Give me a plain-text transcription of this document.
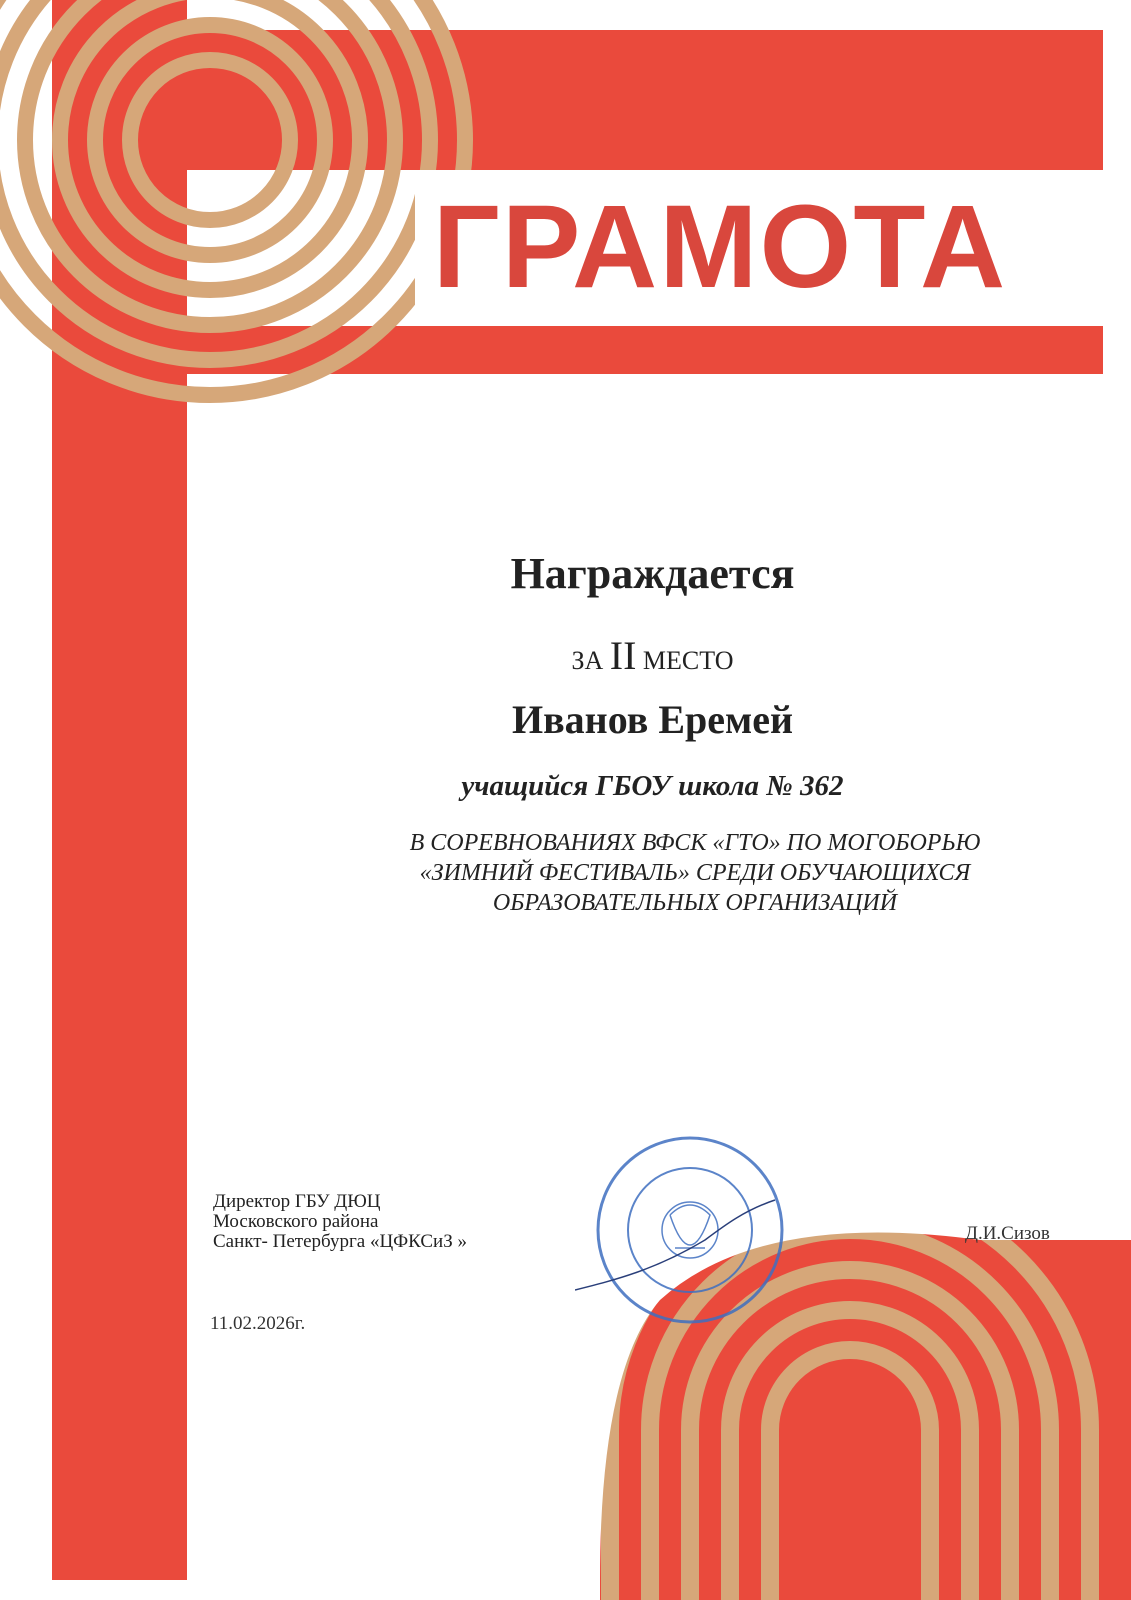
ГРАМОТА
Награждается
ЗА II МЕСТО
Иванов Еремей
учащийся ГБОУ школа № 362
В СОРЕВНОВАНИЯХ ВФСК «ГТО» ПО МОГОБОРЬЮ
«ЗИМНИЙ ФЕСТИВАЛЬ» СРЕДИ ОБУЧАЮЩИХСЯ
ОБРАЗОВАТЕЛЬНЫХ ОРГАНИЗАЦИЙ
Директор ГБУ ДЮЦ
Московского района
Санкт- Петербурга «ЦФКСиЗ »	Д.И.Сизов
11.02.2026г.
